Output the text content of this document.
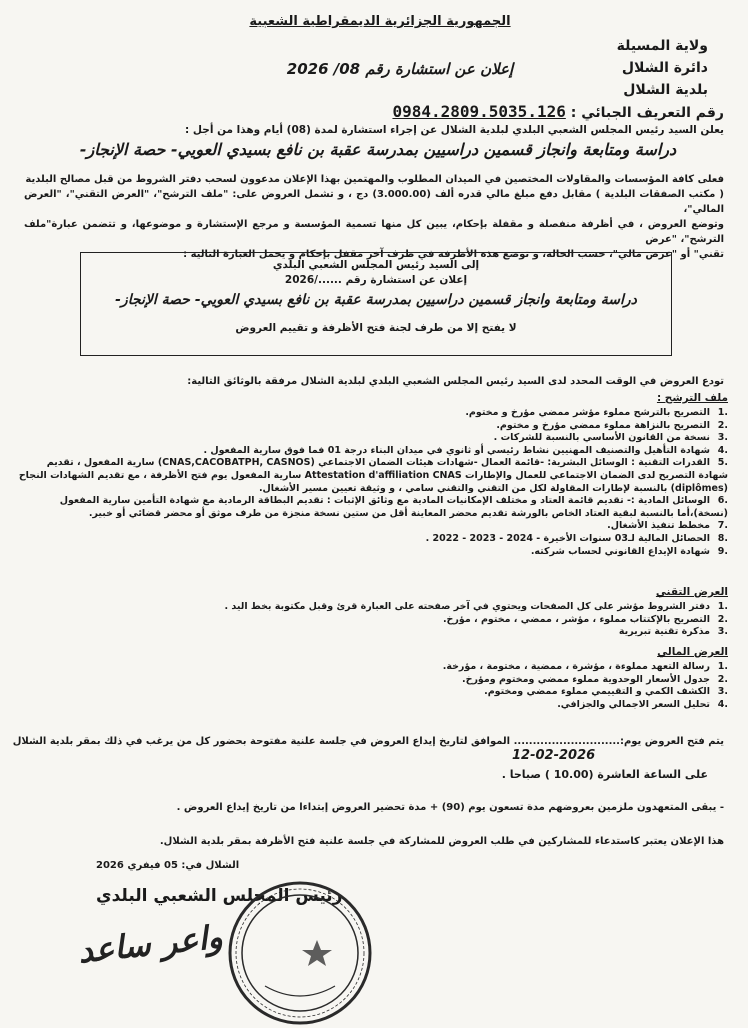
الجمهورية الجزائرية الديمقراطية الشعبية
ولاية المسيلة
دائرة الشلال
بلدية الشلال
إعلان عن استشارة رقم 08/ 2026
رقم التعريف الجبائي : 0984.2809.5035.126
يعلن السيد رئيس المجلس الشعبي البلدي لبلدية الشلال عن إجراء استشارة لمدة (08) أيام وهذا من أجل :
دراسة ومتابعة وانجاز قسمين دراسيين بمدرسة عقبة بن نافع بسيدي العويي- حصة الإنجاز-
فعلى كافة المؤسسات والمقاولات المختصين في الميدان المطلوب والمهتمين بهذا الإعلان مدعوون لسحب دفتر الشروط من قبل مصالح البلدية
( مكتب الصفقات البلدية ) مقابل دفع مبلغ مالي قدره ألف (3.000.00) دج ، و تشمل العروض على: "ملف الترشح"، "العرض التقني"، "العرض المالي"،
وتوضع العروض ، في أظرفة منفصلة و مقفلة بإحكام، يبين كل منها تسمية المؤسسة و مرجع الإستشارة و موضوعها، و تتضمن عبارة"ملف الترشح"، "عرض
تقني" أو "عرض مالي"، حسب الحالة، و توضع هذه الأظرفة في ظرف آخر مقفل بإحكام و يحمل العبارة التالية :
إلى السيد رئيس المجلس الشعبي البلدي
إعلان عن استشارة رقم ....../2026
دراسة ومتابعة وانجاز قسمين دراسيين بمدرسة عقبة بن نافع بسيدي العويي- حصة الإنجاز-
لا يفتح إلا من طرف لجنة فتح الأظرفة و تقييم العروض
تودع العروض في الوقت المحدد لدى السيد رئيس المجلس الشعبي البلدي لبلدية الشلال مرفقة بالوثائق التالية:
ملف الترشح :
.1التصريح بالترشح مملوء مؤشر ممضي مؤرخ و مختوم.
.2التصريح بالنزاهة مملوء ممضي مؤرخ و مختوم.
.3نسخة من القانون الأساسي بالنسبة للشركات .
.4شهادة التأهيل والتصنيف المهنيين نشاط رئيسي أو ثانوي في ميدان البناء درجة 01 فما فوق سارية المفعول .
.5القدرات التقنية : الوسائل البشرية: -قائمة العمال -شهادات هيئات الضمان الاجتماعي (CNAS,CACOBATPH, CASNOS) سارية المفعول ، تقديم شهادة التصريح لدى الضمان الاجتماعي للعمال والإطارات Attestation d'affiliation CNAS سارية المفعول يوم فتح الأظرفة ، مع تقديم الشهادات النجاح (diplômes) بالنسبة لإطارات المقاولة لكل من التقني والتقني سامي ، و وثيقة تعيين مسير الأشغال.
.6الوسائل المادية :- تقديم قائمة العتاد و مختلف الإمكانيات المادية مع وثائق الإثبات : تقديم البطاقة الرمادية مع شهادة التأمين سارية المفعول (نسخة)،أما بالنسبة لبقية العتاد الخاص بالورشة تقديم محضر المعاينة أقل من ستين نسخة منجزة من طرف موثق أو محضر قضائي أو خبير.
.7مخطط تنفيذ الأشغال.
.8الحصائل المالية لـ03 سنوات الأخيرة - 2024 - 2023 - 2022 .
.9شهادة الإيداع القانوني لحساب شركته.
العرض التقني
.1دفتر الشروط مؤشر على كل الصفحات ويحتوي في آخر صفحته على العبارة قرئ وقبل مكتوبة بخط اليد .
.2التصريح بالإكتتاب مملوء ، مؤشر ، ممضي ، مختوم ، مؤرخ.
.3مذكرة تقنية تبريرية
العرض المالي
.1رسالة التعهد مملوءة ، مؤشرة ، ممضية ، مختومة ، مؤرخة.
.2جدول الأسعار الوحدوية مملوء ممضي ومختوم ومؤرخ.
.3الكشف الكمي و التقييمي مملوء ممضي ومختوم.
.4تحليل السعر الاجمالي والجزافي.
يتم فتح العروض يوم:............................ الموافق لتاريخ إيداع العروض في جلسة علنية مفتوحة بحضور كل من يرغب في ذلك بمقر بلدية الشلال
12-02-2026
على الساعة العاشرة (10.00 ) صباحا .
- يبقى المتعهدون ملزمين بعروضهم مدة تسعون يوم (90) + مدة تحضير العروض إبتداءا من تاريخ إيداع العروض .
هذا الإعلان يعتبر كاستدعاء للمشاركين في طلب العروض للمشاركة في جلسة علنية فتح الأظرفة بمقر بلدية الشلال.
الشلال في: 05 فيفري 2026
رئيس المجلس الشعبي البلدي
واعر ساعد
